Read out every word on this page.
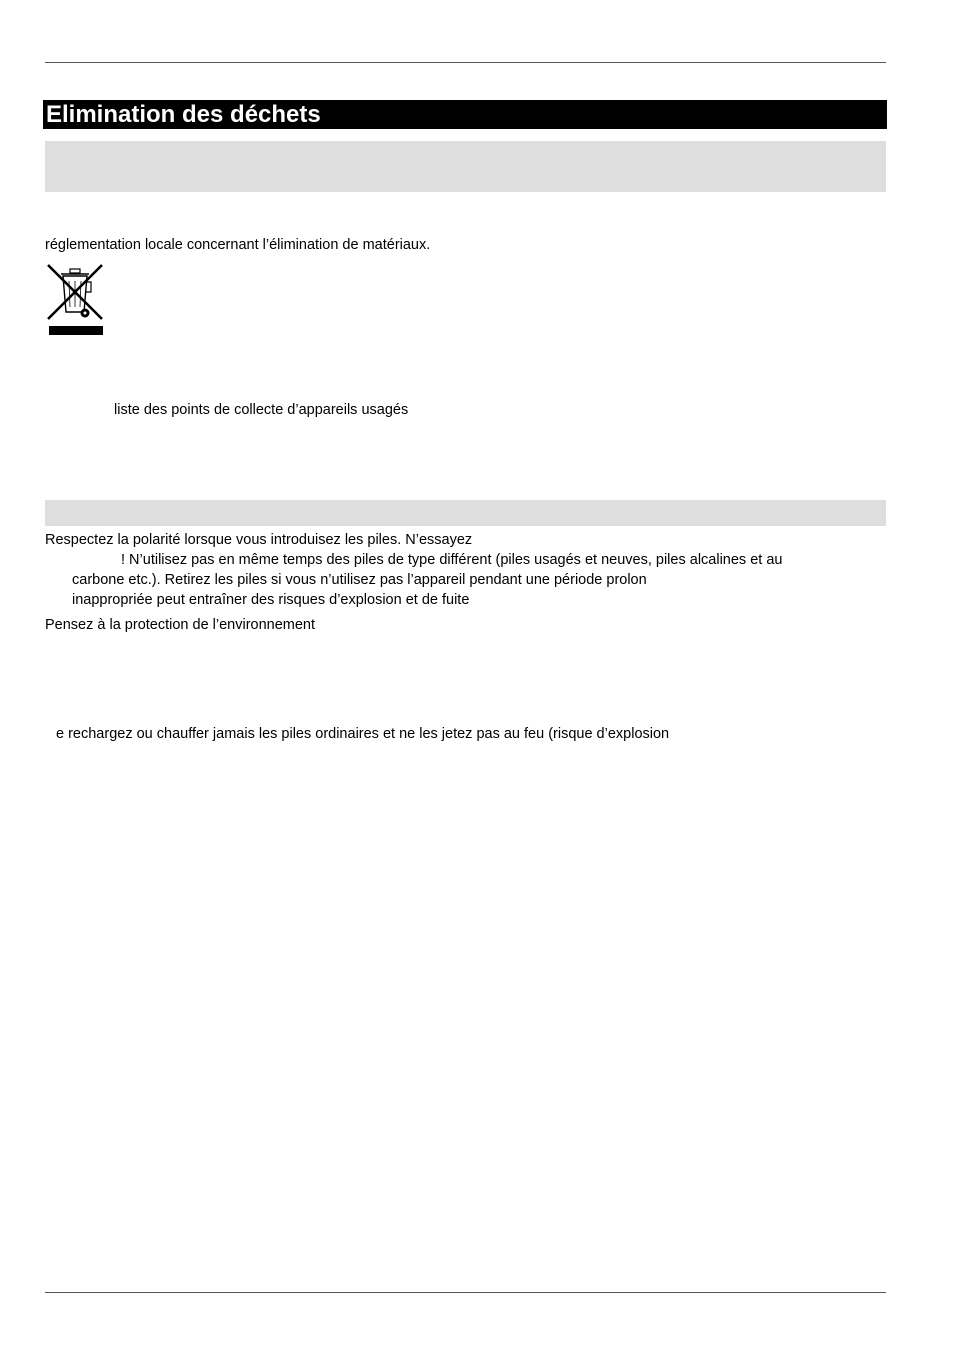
Elimination des déchets
réglementation locale concernant l’élimination de matériaux.
liste des points de collecte d’appareils usagés
Respectez la polarité lorsque vous introduisez les piles. N’essayez
! N’utilisez pas en même temps des piles de type différent (piles usagés et neuves, piles alcalines et au
carbone etc.). Retirez les piles si vous n’utilisez pas l’appareil pendant une période prolon
inappropriée peut entraîner des risques d’explosion et de fuite
Pensez à la protection de l’environnement
e rechargez ou chauffer jamais les piles ordinaires et ne les jetez pas au feu (risque d’explosion
